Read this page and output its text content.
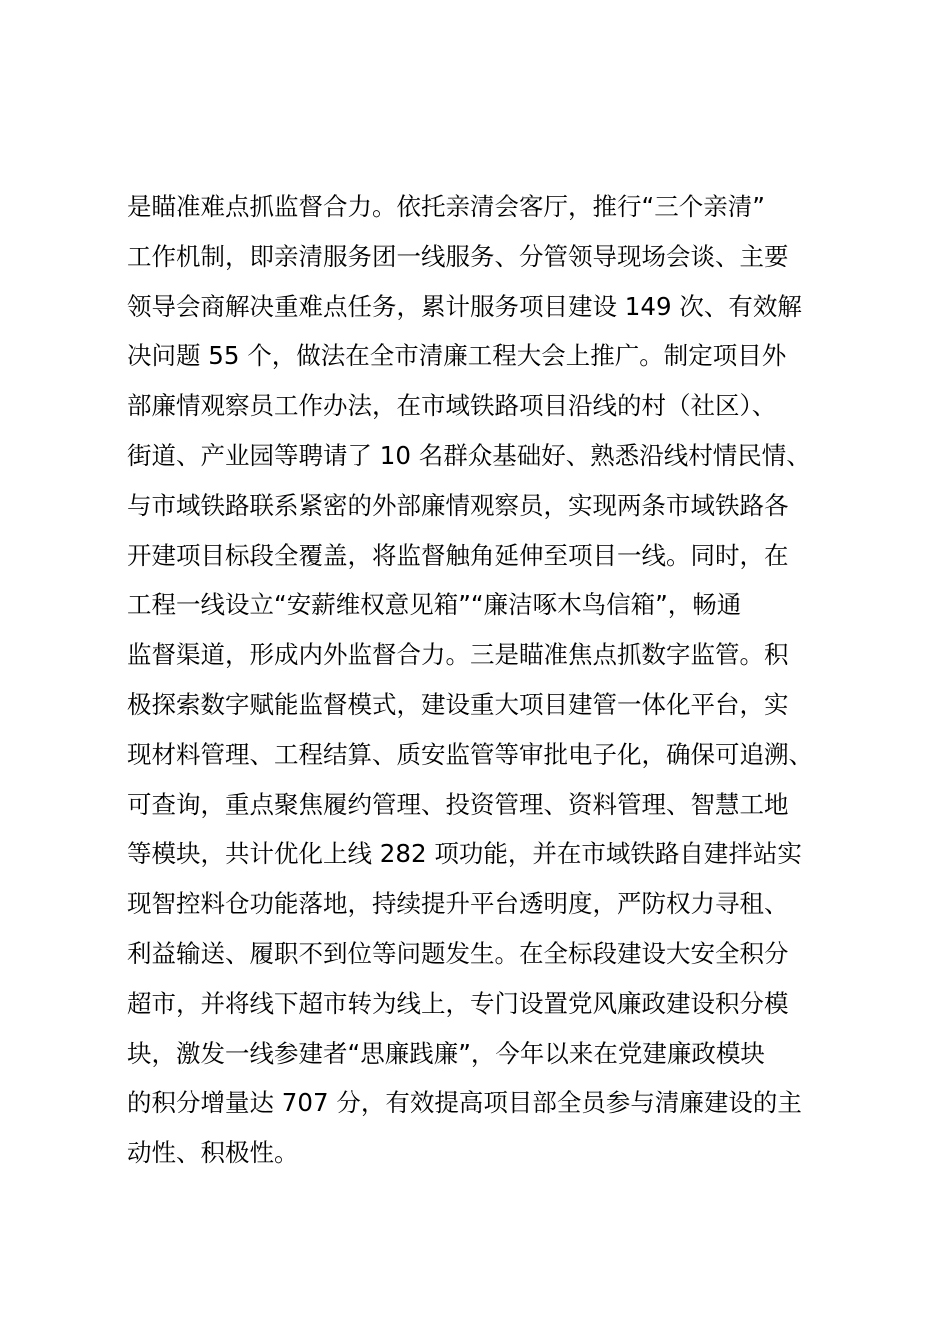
是瞄准难点抓监督合力。依托亲清会客厅，推行“三个亲清”
工作机制，即亲清服务团一线服务、分管领导现场会谈、主要
领导会商解决重难点任务，累计服务项目建设 149 次、有效解
决问题 55 个，做法在全市清廉工程大会上推广。制定项目外
部廉情观察员工作办法，在市域铁路项目沿线的村（社区）、
街道、产业园等聘请了 10 名群众基础好、熟悉沿线村情民情、
与市域铁路联系紧密的外部廉情观察员，实现两条市域铁路各
开建项目标段全覆盖，将监督触角延伸至项目一线。同时，在
工程一线设立“安薪维权意见箱”“廉洁啄木鸟信箱”，畅通
监督渠道，形成内外监督合力。三是瞄准焦点抓数字监管。积
极探索数字赋能监督模式，建设重大项目建管一体化平台，实
现材料管理、工程结算、质安监管等审批电子化，确保可追溯、
可查询，重点聚焦履约管理、投资管理、资料管理、智慧工地
等模块，共计优化上线 282 项功能，并在市域铁路自建拌站实
现智控料仓功能落地，持续提升平台透明度，严防权力寻租、
利益输送、履职不到位等问题发生。在全标段建设大安全积分
超市，并将线下超市转为线上，专门设置党风廉政建设积分模
块，激发一线参建者“思廉践廉”，今年以来在党建廉政模块
的积分增量达 707 分，有效提高项目部全员参与清廉建设的主
动性、积极性。
